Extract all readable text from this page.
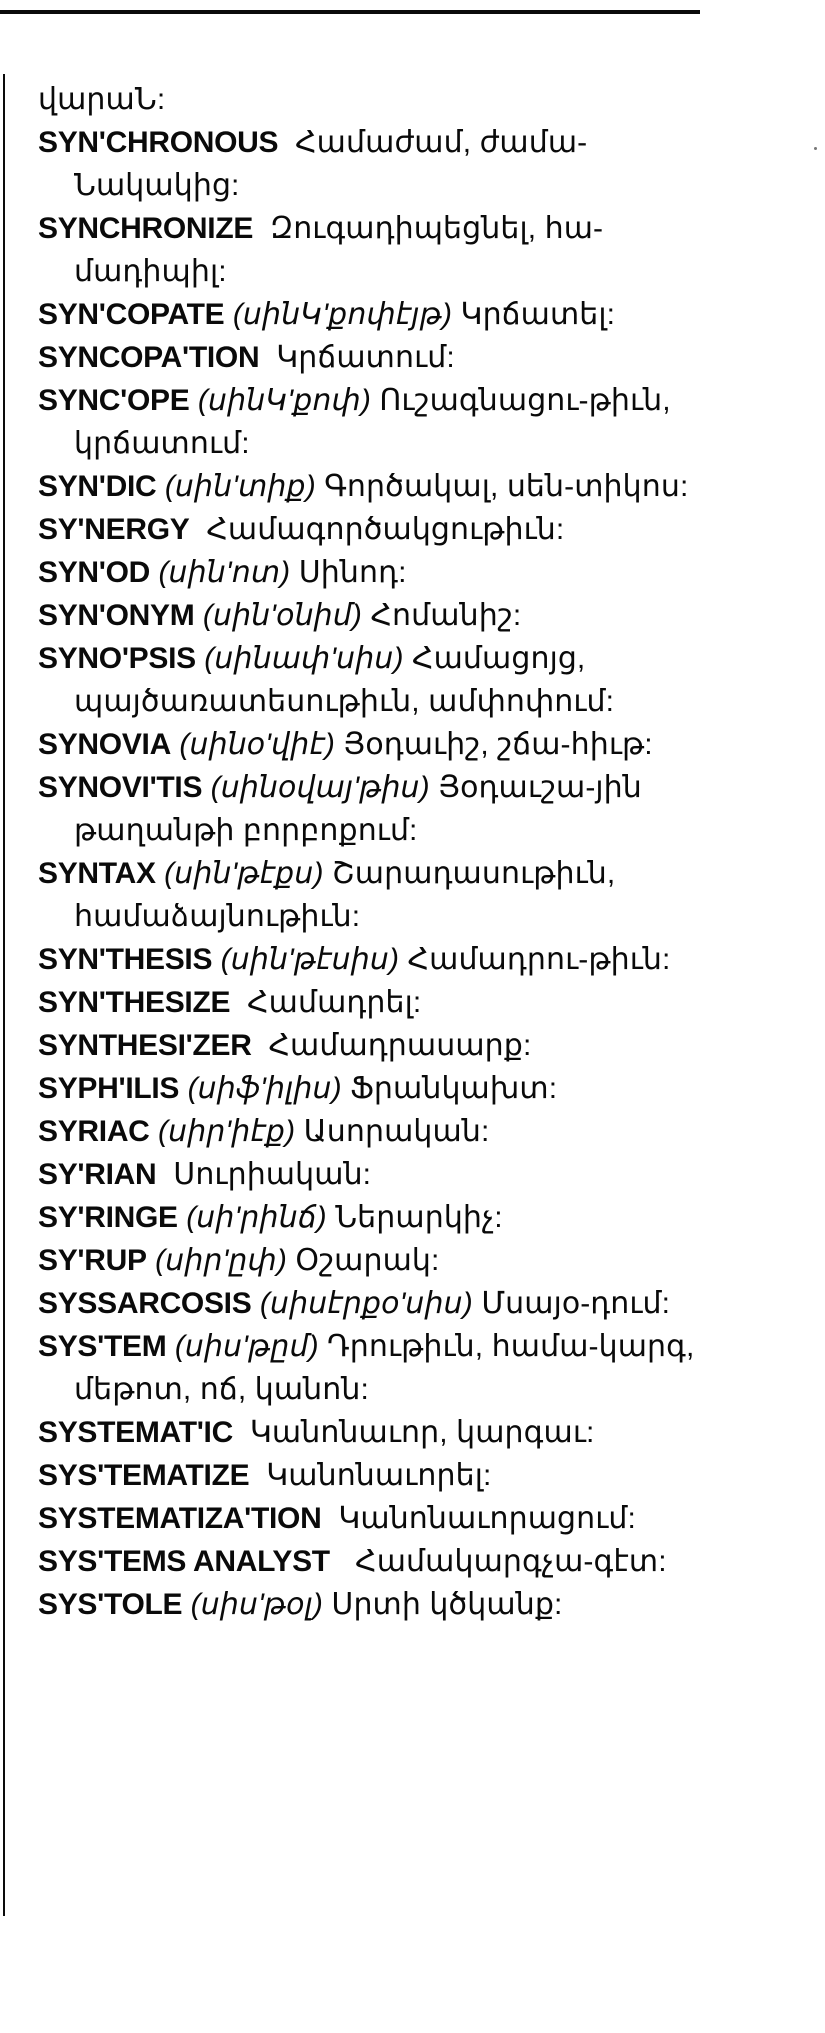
վարաՆ:
SYN'CHRONOUS Համաժամ, ժամա-Նակակից:
SYNCHRONIZE Զուգադիպեցնել, հա-մադիպիլ:
SYN'COPATE (սինԿ'քոփէյթ) Կրճատել:
SYNCOPA'TION Կրճատում:
SYNC'OPE (սինԿ'քոփ) Ուշագնացու-թիւն, կրճատում:
SYN'DIC (սին'տիք) Գործակալ, սեն-տիկոս:
SY'NERGY Համագործակցութիւն:
SYN'OD (սին'ոտ) Սինոդ:
SYN'ONYM (սին'օնիմ) Հոմանիշ:
SYNO'PSIS (սինափ'սիս) Համացոյց, պայծառատեսութիւն, ամփոփում:
SYNOVIA (սինօ'վիէ) Յօդաւիշ, շճա-հիւթ:
SYNOVI'TIS (սինօվայ'թիս) Յօդաւշա-յին թաղանթի բորբոքում:
SYNTAX (սին'թէքս) Շարադասութիւն, համաձայնութիւն:
SYN'THESIS (սին'թէսիս) Համադրու-թիւն:
SYN'THESIZE Համադրել:
SYNTHESI'ZER Համադրասարք:
SYPH'ILIS (սիֆ'իլիս) Ֆրանկախտ:
SYRIAC (սիր'իէք) Ասորական:
SY'RIAN Սուրիական:
SY'RINGE (սի'րինճ) Ներարկիչ:
SY'RUP (սիր'ըփ) Օշարակ:
SYSSARCOSIS (սիսէրքօ'սիս) Մսայօ-դում:
SYS'TEM (սիս'թըմ) Դրութիւն, համա-կարգ, մեթոտ, ոճ, կանոն:
SYSTEMAT'IC Կանոնաւոր, կարգաւ:
SYS'TEMATIZE Կանոնաւորել:
SYSTEMATIZA'TION Կանոնաւորացում:
SYS'TEMS ANALYST Համակարգչա-գէտ:
SYS'TOLE (սիս'թօլ) Սրտի կծկանք:
